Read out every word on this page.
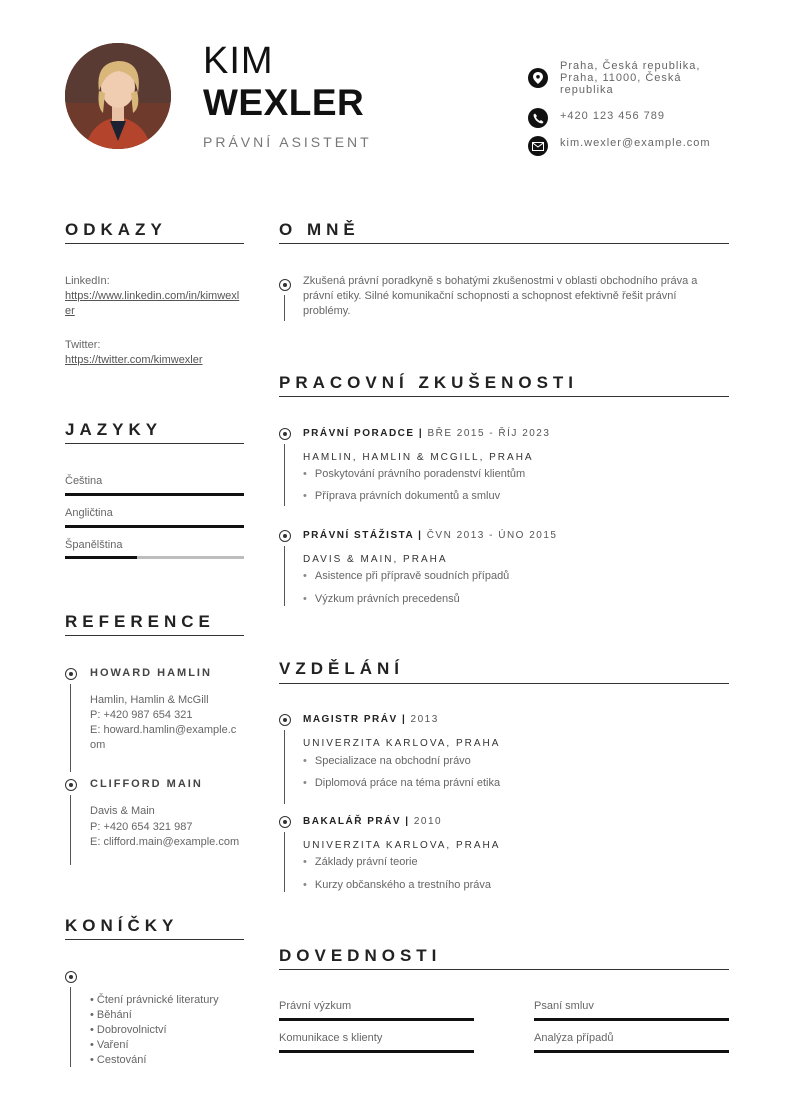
KIM
WEXLER
PRÁVNÍ ASISTENT
Praha, Česká republika, Praha, 11000, Česká republika
+420 123 456 789
kim.wexler@example.com
ODKAZY
LinkedIn:
https://www.linkedin.com/in/kimwexler
Twitter:
https://twitter.com/kimwexler
JAZYKY
Čeština
Angličtina
Španělština
REFERENCE
HOWARD HAMLIN
Hamlin, Hamlin & McGill
P: +420 987 654 321
E: howard.hamlin@example.com
CLIFFORD MAIN
Davis & Main
P: +420 654 321 987
E: clifford.main@example.com
KONÍČKY
• Čtení právnické literatury
• Běhání
• Dobrovolnictví
• Vaření
• Cestování
O MNĚ
Zkušená právní poradkyně s bohatými zkušenostmi v oblasti obchodního práva a právní etiky. Silné komunikační schopnosti a schopnost efektivně řešit právní problémy.
PRACOVNÍ ZKUŠENOSTI
PRÁVNÍ PORADCE | BŘE 2015 - ŘÍJ 2023
HAMLIN, HAMLIN & MCGILL, PRAHA
• Poskytování právního poradenství klientům
• Příprava právních dokumentů a smluv
PRÁVNÍ STÁŽISTA | ČVN 2013 - ÚNO 2015
DAVIS & MAIN, PRAHA
• Asistence při přípravě soudních případů
• Výzkum právních precedensů
VZDĚLÁNÍ
MAGISTR PRÁV | 2013
UNIVERZITA KARLOVA, PRAHA
• Specializace na obchodní právo
• Diplomová práce na téma právní etika
BAKALÁŘ PRÁV | 2010
UNIVERZITA KARLOVA, PRAHA
• Základy právní teorie
• Kurzy občanského a trestního práva
DOVEDNOSTI
Právní výzkum	Psaní smluv
Komunikace s klienty	Analýza případů
